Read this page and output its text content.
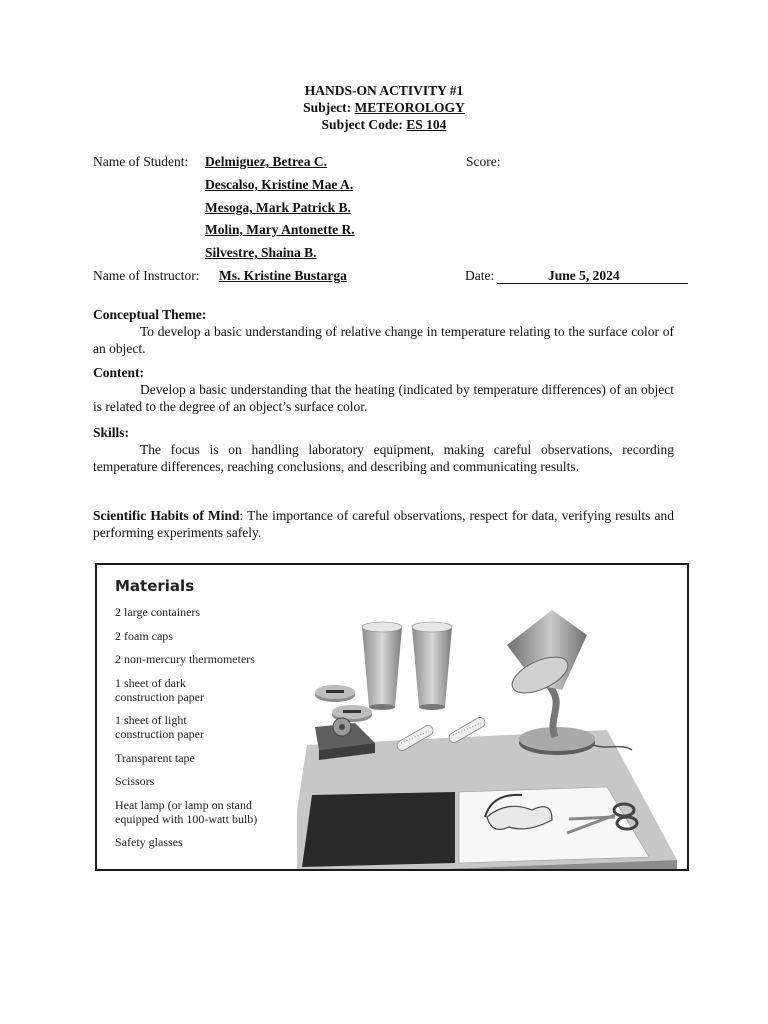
HANDS-ON ACTIVITY #1
Subject: METEOROLOGY
Subject Code: ES 104
Name of Student: Delmiguez, Betrea C.
Descalso, Kristine Mae A.
Mesoga, Mark Patrick B.
Molin, Mary Antonette R.
Silvestre, Shaina B.
Score:
Name of Instructor: Ms. Kristine Bustarga	Date:	June 5, 2024
Conceptual Theme:

To develop a basic understanding of relative change in temperature relating to the surface color of an object.

Content:

Develop a basic understanding that the heating (indicated by temperature differences) of an object is related to the degree of an object’s surface color.

Skills:

The focus is on handling laboratory equipment, making careful observations, recording temperature differences, reaching conclusions, and describing and communicating results.

Scientific Habits of Mind: The importance of careful observations, respect for data, verifying results and performing experiments safely.
Materials
2 large containers
2 foam caps
2 non-mercury thermometers
1 sheet of dark
construction paper
1 sheet of light
construction paper
Transparent tape
Scissors
Heat lamp (or lamp on stand
equipped with 100-watt bulb)
Safety glasses
